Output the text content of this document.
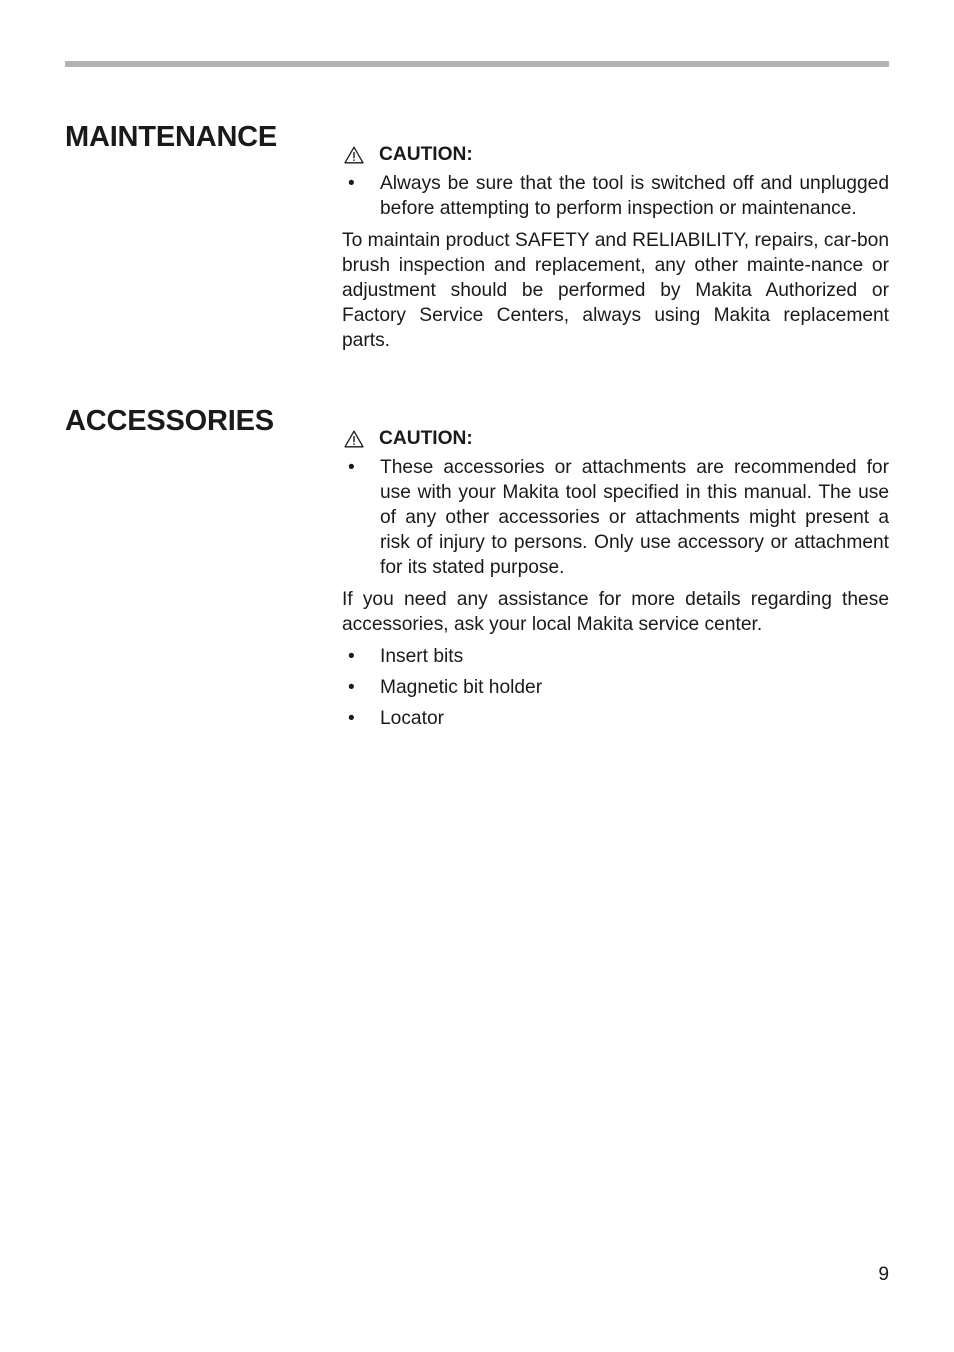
MAINTENANCE
CAUTION:
•	Always be sure that the tool is switched off and unplugged before attempting to perform inspection or maintenance.

To maintain product SAFETY and RELIABILITY, repairs, car-bon brush inspection and replacement, any other mainte-nance or adjustment should be performed by Makita Authorized or Factory Service Centers, always using Makita replacement parts.

ACCESSORIES
CAUTION:
•	These accessories or attachments are recommended for use with your Makita tool specified in this manual. The use of any other accessories or attachments might present a risk of injury to persons. Only use accessory or attachment for its stated purpose.

If you need any assistance for more details regarding these accessories, ask your local Makita service center.

•	Insert bits
•	Magnetic bit holder
•	Locator
9
